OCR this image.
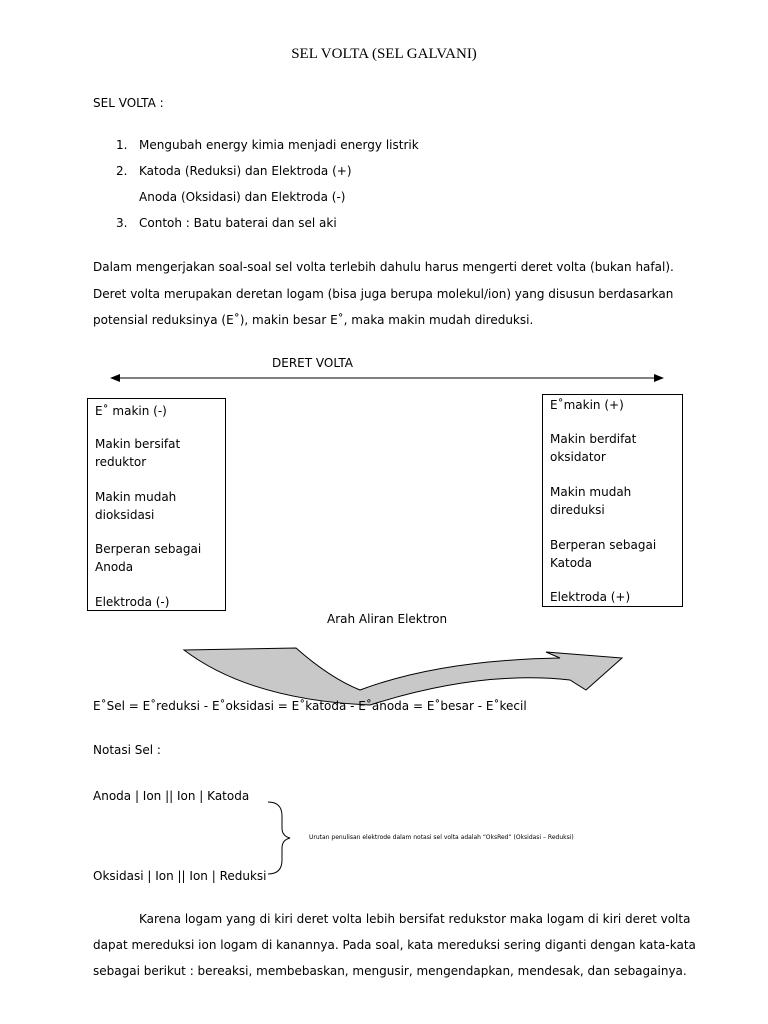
SEL VOLTA (SEL GALVANI)
SEL VOLTA :
1. Mengubah energy kimia menjadi energy listrik
2. Katoda (Reduksi) dan Elektroda (+)
Anoda (Oksidasi) dan Elektroda (-)
3. Contoh : Batu baterai dan sel aki
Dalam mengerjakan soal-soal sel volta terlebih dahulu harus mengerti deret volta (bukan hafal).
Deret volta merupakan deretan logam (bisa juga berupa molekul/ion) yang disusun berdasarkan
potensial reduksinya (E˚), makin besar E˚, maka makin mudah direduksi.
DERET VOLTA
E˚ makin (-)
Makin bersifat
reduktor
Makin mudah
dioksidasi
Berperan sebagai
Anoda
Elektroda (-)
E˚makin (+)
Makin berdifat
oksidator
Makin mudah
direduksi
Berperan sebagai
Katoda
Elektroda (+)
Arah Aliran Elektron
E˚Sel = E˚reduksi - E˚oksidasi = E˚katoda - E˚anoda = E˚besar - E˚kecil
Notasi Sel :
Anoda | Ion || Ion | Katoda
Urutan penulisan elektrode dalam notasi sel volta adalah “OksRed” (Oksidasi – Reduksi)
Oksidasi | Ion || Ion | Reduksi
Karena logam yang di kiri deret volta lebih bersifat redukstor maka logam di kiri deret volta
dapat mereduksi ion logam di kanannya. Pada soal, kata mereduksi sering diganti dengan kata-kata
sebagai berikut : bereaksi, membebaskan, mengusir, mengendapkan, mendesak, dan sebagainya.
